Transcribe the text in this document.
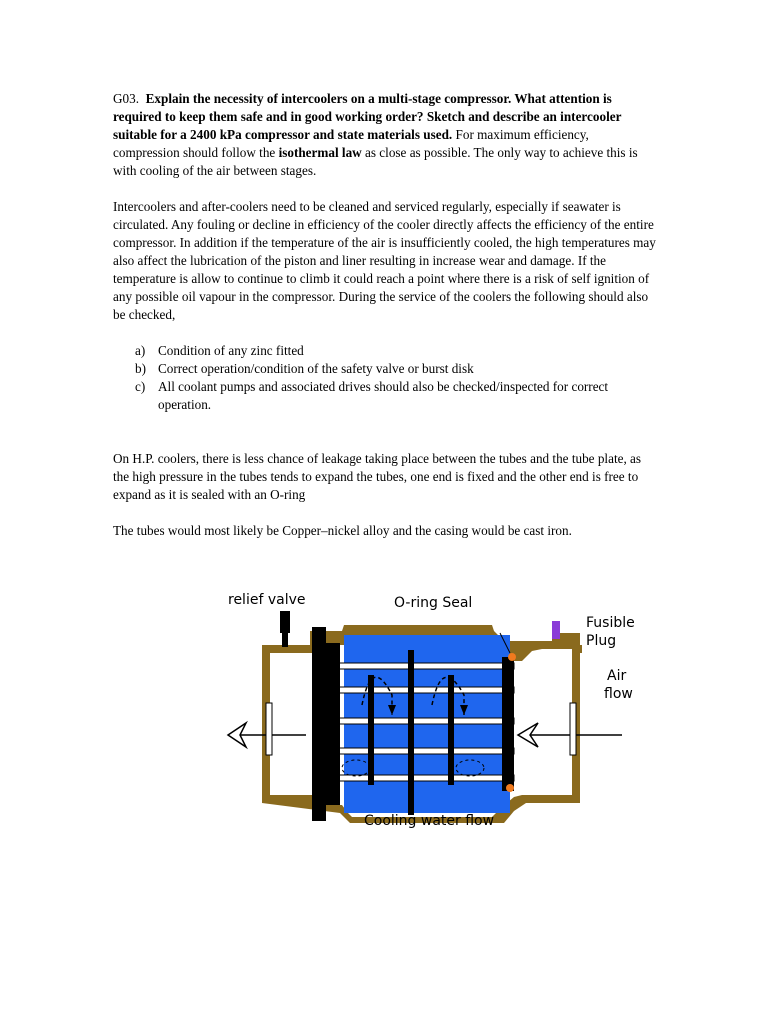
G03. Explain the necessity of intercoolers on a multi-stage compressor. What attention is required to keep them safe and in good working order? Sketch and describe an intercooler suitable for a 2400 kPa compressor and state materials used. For maximum efficiency, compression should follow the isothermal law as close as possible. The only way to achieve this is with cooling of the air between stages.

Intercoolers and after-coolers need to be cleaned and serviced regularly, especially if seawater is circulated. Any fouling or decline in efficiency of the cooler directly affects the efficiency of the entire compressor. In addition if the temperature of the air is insufficiently cooled, the high temperatures may also affect the lubrication of the piston and liner resulting in increase wear and damage. If the temperature is allow to continue to climb it could reach a point where there is a risk of self ignition of any possible oil vapour in the compressor. During the service of the coolers the following should also be checked,

a) Condition of any zinc fitted
b) Correct operation/condition of the safety valve or burst disk
c) All coolant pumps and associated drives should also be checked/inspected for correct operation.

On H.P. coolers, there is less chance of leakage taking place between the tubes and the tube plate, as the high pressure in the tubes tends to expand the tubes, one end is fixed and the other end is free to expand as it is sealed with an O-ring

The tubes would most likely be Copper–nickel alloy and the casing would be cast iron.

relief valve	O-ring Seal
Fusible
Plug
Air
flow
Cooling water flow
